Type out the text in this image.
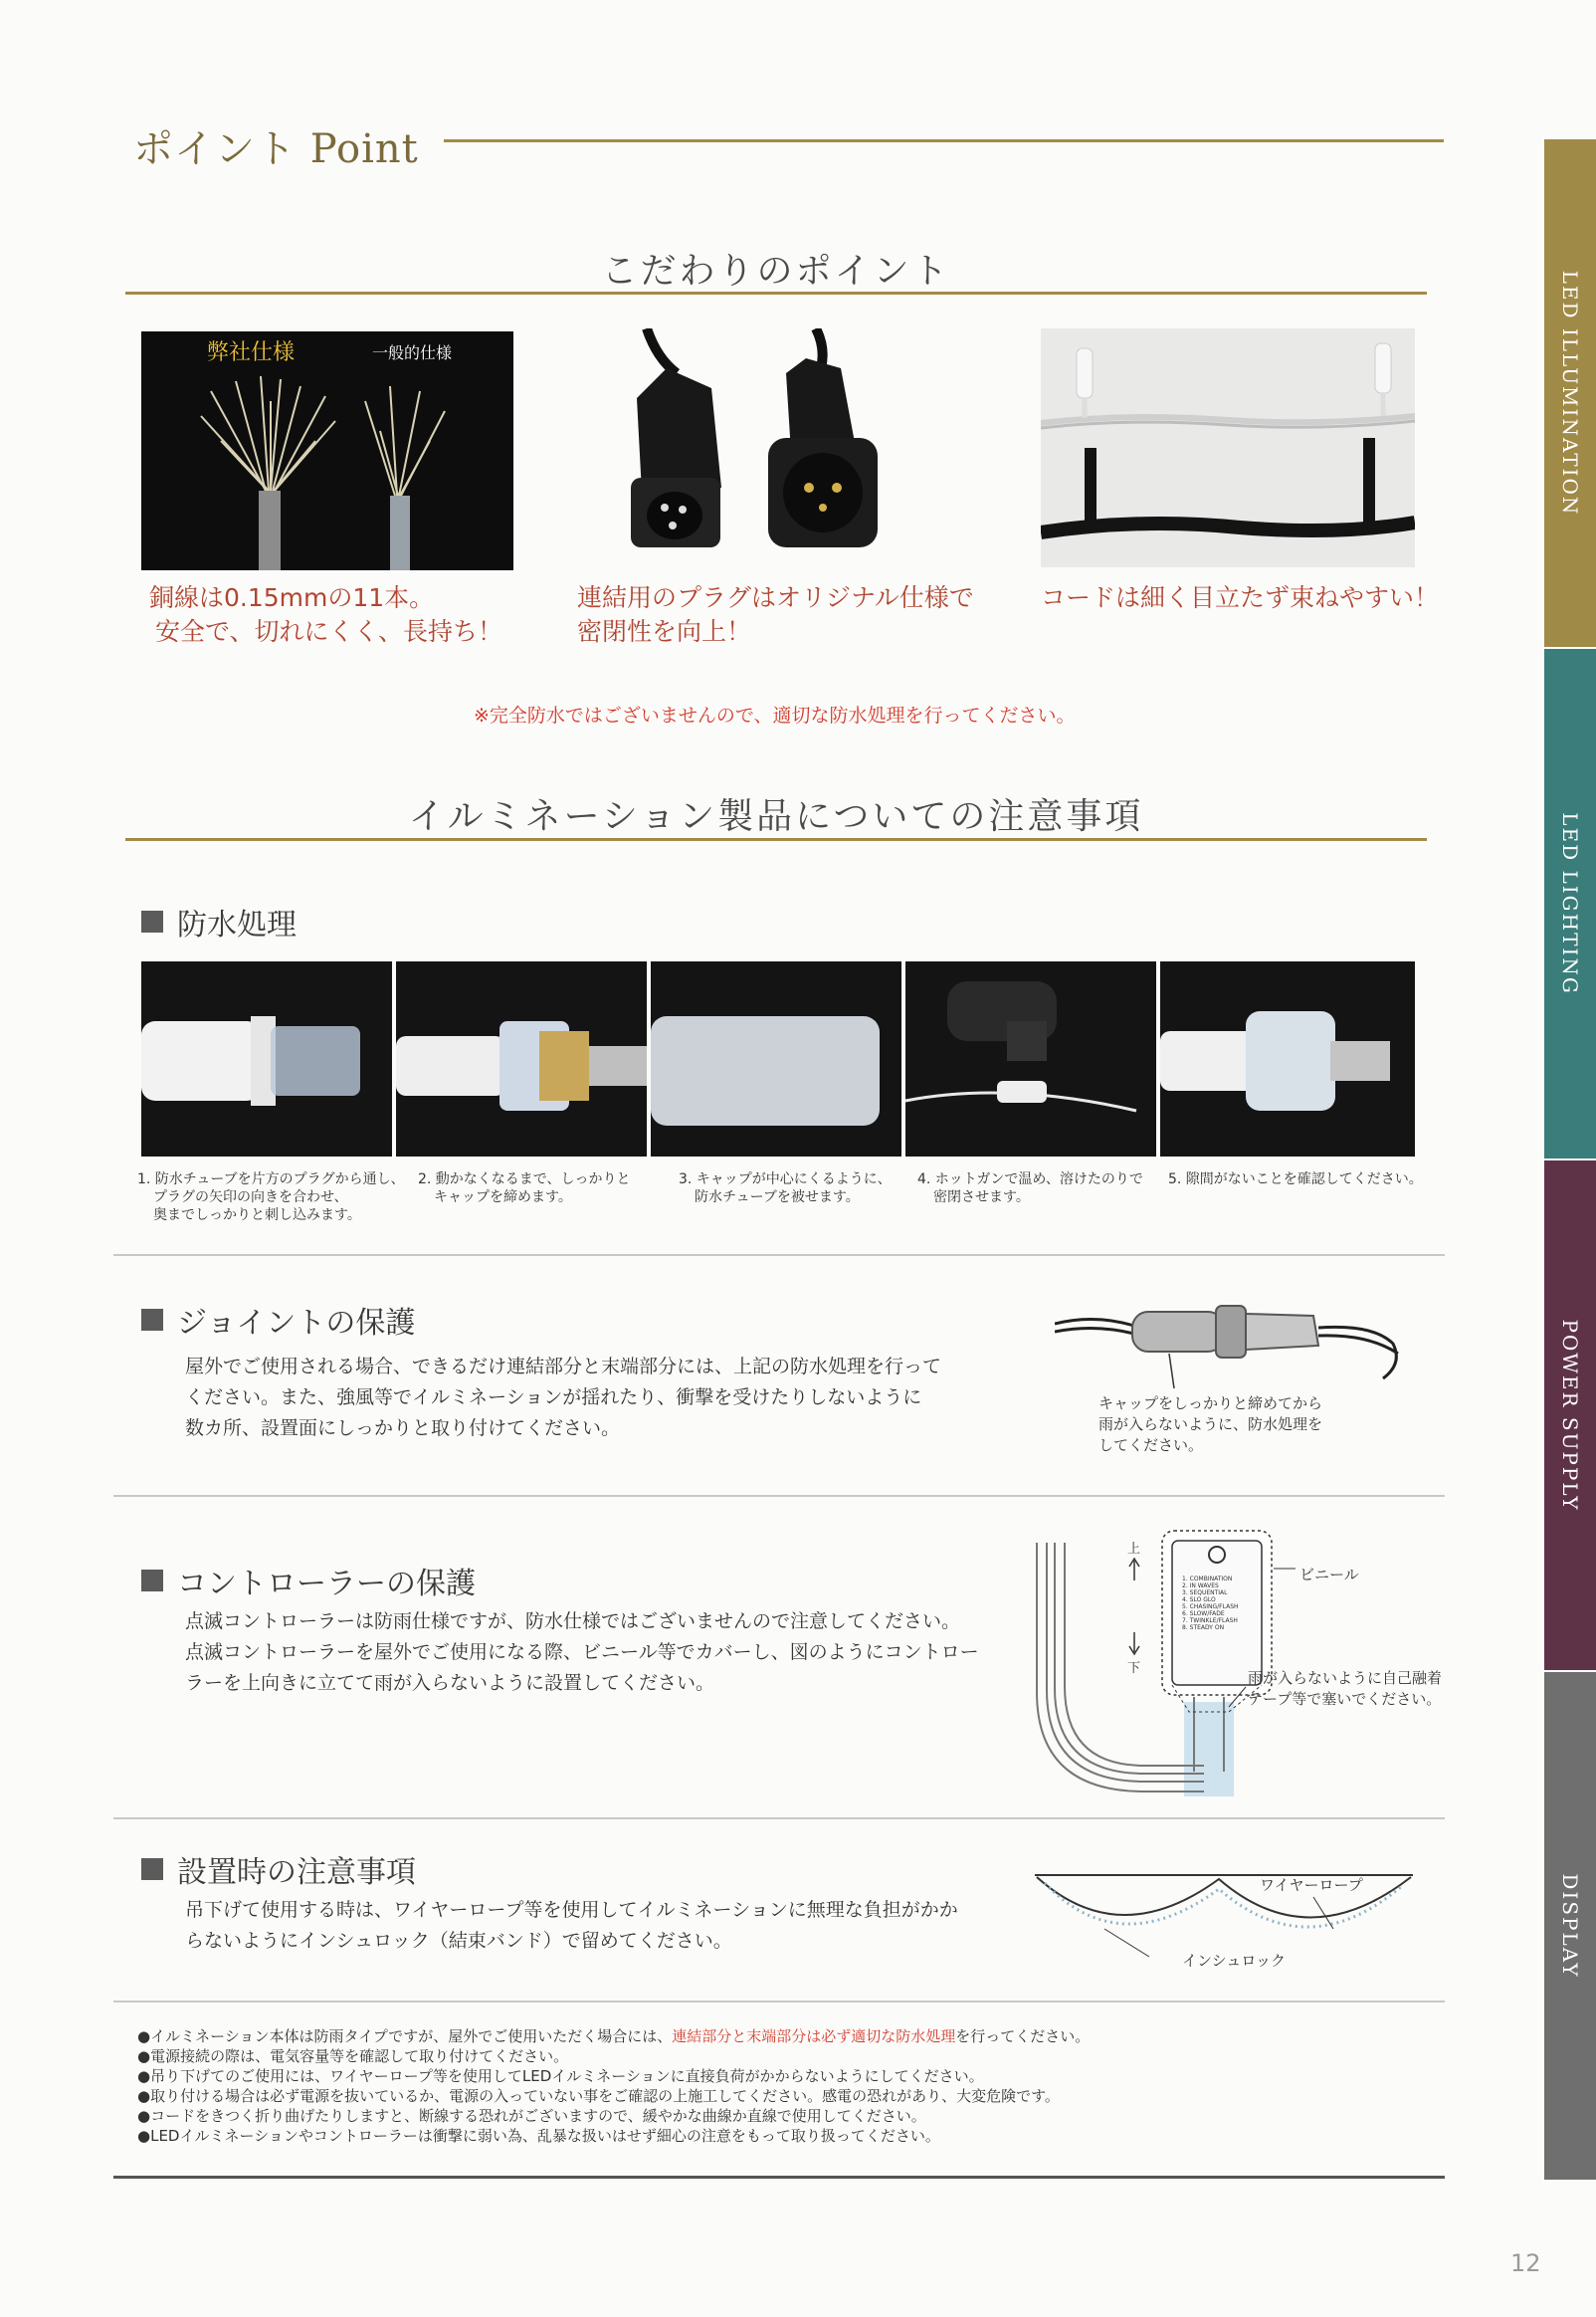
ポイント Point
LED ILLUMINATION
LED LIGHTING
POWER SUPPLY
DISPLAY
こだわりのポイント
弊社仕様	一般的仕様
銅線は0.15mmの11本。
安全で、切れにくく、長持ち！
連結用のプラグはオリジナル仕様で
密閉性を向上！
コードは細く目立たず束ねやすい！
※完全防水ではございませんので、適切な防水処理を行ってください。
イルミネーション製品についての注意事項
防水処理
1. 防水チューブを片方のプラグから通し、
プラグの矢印の向きを合わせ、
奥までしっかりと刺し込みます。
2. 動かなくなるまで、しっかりと
キャップを締めます。
3. キャップが中心にくるように、
防水チューブを被せます。
4. ホットガンで温め、溶けたのりで
密閉させます。
5. 隙間がないことを確認してください。
ジョイントの保護
屋外でご使用される場合、できるだけ連結部分と末端部分には、上記の防水処理を行って
ください。また、強風等でイルミネーションが揺れたり、衝撃を受けたりしないように
数カ所、設置面にしっかりと取り付けてください。
キャップをしっかりと締めてから
雨が入らないように、防水処理を
してください。
コントローラーの保護
点滅コントローラーは防雨仕様ですが、防水仕様ではございませんので注意してください。
点滅コントローラーを屋外でご使用になる際、ビニール等でカバーし、図のようにコントロー
ラーを上向きに立てて雨が入らないように設置してください。
上
下
1. COMBINATION
2. IN WAVES
3. SEQUENTIAL
4. SLO GLO
5. CHASING/FLASH
6. SLOW/FADE
7. TWINKLE/FLASH
8. STEADY ON
ビニール
雨が入らないように自己融着
テープ等で塞いでください。
設置時の注意事項
吊下げて使用する時は、ワイヤーロープ等を使用してイルミネーションに無理な負担がかか
らないようにインシュロック（結束バンド）で留めてください。
ワイヤーロープ
インシュロック
●イルミネーション本体は防雨タイプですが、屋外でご使用いただく場合には、連結部分と末端部分は必ず適切な防水処理を行ってください。
●電源接続の際は、電気容量等を確認して取り付けてください。
●吊り下げてのご使用には、ワイヤーロープ等を使用してLEDイルミネーションに直接負荷がかからないようにしてください。
●取り付ける場合は必ず電源を抜いているか、電源の入っていない事をご確認の上施工してください。感電の恐れがあり、大変危険です。
●コードをきつく折り曲げたりしますと、断線する恐れがございますので、緩やかな曲線か直線で使用してください。
●LEDイルミネーションやコントローラーは衝撃に弱い為、乱暴な扱いはせず細心の注意をもって取り扱ってください。
12
